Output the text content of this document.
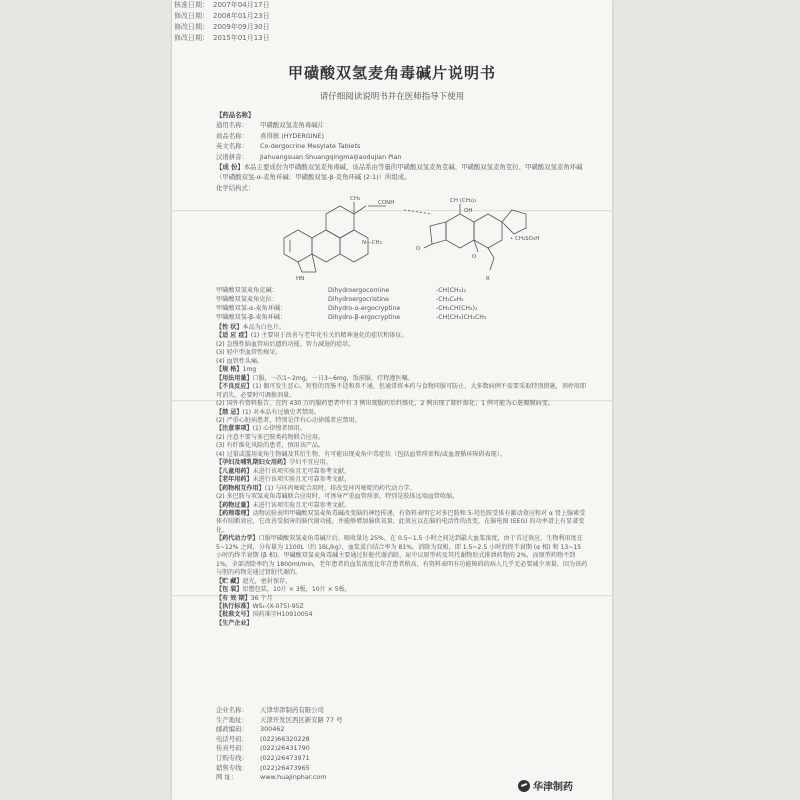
核准日期： 2007年04月17日
修改日期： 2008年01月23日
修改日期： 2009年09月30日
修改日期： 2015年01月13日
甲磺酸双氢麦角毒碱片说明书
请仔细阅读说明书并在医师指导下使用
【药品名称】
通用名称：	甲磺酸双氢麦角毒碱片
商品名称：	喜得镇 (HYDERGINE)
英文名称：	Co-dergocrine Mesylate Tablets
汉语拼音：	Jiahuangsuan Shuangqingmaijiaodujian Pian
【成 份】本品主要成份为甲磺酸双氢麦角毒碱，该品系由等量的甲磺酸双氢麦角克碱、甲磺酸双氢麦角克拉、甲磺酸双氢麦角环碱（甲磺酸双氢-α-麦角环碱：甲磺酸双氢-β-麦角环碱 (2:1)）所组成。
化学结构式：
CONH
CH₃
N—CH₃
HN
CH (CH₃)₂
OH
O
O
• CH₃SO₃H
R
甲磺酸双氢麦角克碱：	Dihydroergocornine	-CH(CH₃)₂
甲磺酸双氢麦角克拉：	Dihydroergocristine	-CH₂C₆H₅
甲磺酸双氢-α-麦角环碱：	Dihydro-α-ergocryptine	-CH₂CH(CH₃)₂
甲磺酸双氢-β-麦角环碱：	Dihydro-β-ergocryptine	-CH(CH₃)CH₂CH₃
【性 状】本品为白色片。
【适 应 症】(1) 主要用于改善与老年化有关的精神退化的症状和体征。
(2) 急慢性脑血管病后遗的功能、智力减退的症状。
(3) 轻中型血管性痴呆。
(4) 血管性头痛。
【规 格】1mg
【用法用量】口服，一次1~2mg，一日3~6mg，饭前服，疗程遵医嘱。
【不良反应】(1) 偶可发生恶心、短暂的胃肠不适和鼻不通，但通常将本药与食物同服可防止，大多数病例不需要采取特别措施，剂停用即可消失，必要时可调换剂量。
(2) 国外有资料报告，在约 430 万的服药患者中有 3 例出现服药后纤维化，2 例出现了肺纤维化；1 例可能为心脏瓣膜病变。
【禁 忌】(1) 对本品有过敏史者禁用。
(2) 严重心脏病患者，特别是伴有心动徐缓者应禁用。
【注意事项】(1) 心律慢者慎用。
(2) 注意不要与多巴胺类药物联合应用。
(3) 有纤维化风险的患者，慎用该产品。
(4) 过量或滥用麦角生物碱及其衍生物，有可能出现麦角中毒症状（包括血管痉挛和/或血液循环障碍表现）。
【孕妇及哺乳期妇女用药】孕妇不宜应用。
【儿童用药】未进行该项实验且无可靠参考文献。
【老年用药】未进行该项实验且无可靠参考文献。
【药物相互作用】(1) 与环丙嘧啶合用时，将改变环丙嘧啶的药代动力学。
(2) 多巴胺与双氢麦角毒碱联合应用时，可诱导严重血管痉挛，特别是肢体远端血管收缩。
【药物过量】未进行该项实验且无可靠参考文献。
【药理毒理】动物试验表明甲磺酸双氢麦角毒碱改变脑的神经传递，有资料表明它对多巴胺和 5-羟色胺受体有激动效应和对 α 肾上腺素受体有阻断效应，它改善受损害的脑代谢功能，并能够增加脑供氧量，此效应以在脑的电活性的改变，在脑电图 (EEG) 的功率谱上有显著变化。
【药代动力学】口服甲磺酸双氢麦角毒碱片后，吸收量达 25%，在 0.5~1.5 小时之间达到最大血浆浓度，由于首过效应，生物利用度在 5~12% 之间，分布量为 1100L（约 16L/kg），血浆蛋白结合率为 81%，消除为双相，即 1.5~2.5 小时的终半衰期 (α 相) 和 13~15 小时的终半衰期 (β 相)。甲磺酸双氢麦角毒碱主要通过肝脏代谢消除，尿中以原型药及其代谢物形式排泄药物的 2%，而原型药物不到 1%，全部清除率约为 1800ml/min，老年患者的血浆浓度比年青患者稍高，有资料表明有功能障碍的病人几乎无必要减少剂量，因为该药与胆的药物是通过肾脏代谢的。
【贮 藏】遮光，密封保存。
【包 装】铝塑包装。10片 × 3板，10片 × 5板。
【有 效 期】36 个月
【执行标准】WS₁-(X-075)-95Z
【批准文号】国药准字H10910054
【生产企业】
企业名称：	天津华津制药有限公司
生产地址：	天津开发区西区新安路 77 号
邮政编码：	300462
电话号码：	(022)66320228
传真号码：	(022)26431790
订购专线：	(022)26473971
销售专线：	(022)26473965
网 址：	www.huajinphar.com
华津制药
